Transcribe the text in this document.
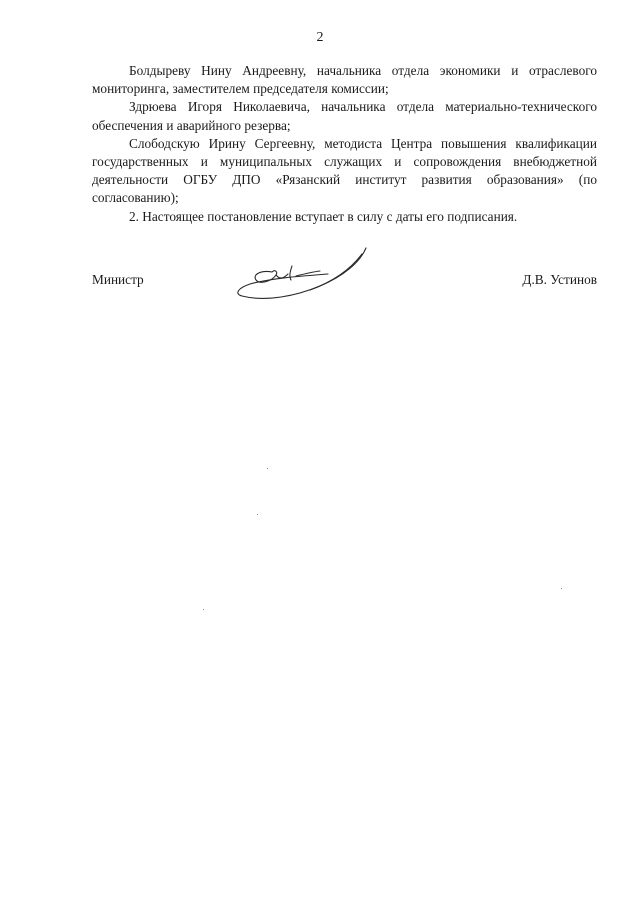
2

Болдыреву Нину Андреевну, начальника отдела экономики и отраслевого мониторинга, заместителем председателя комиссии;

Здрюева Игоря Николаевича, начальника отдела материально-технического обеспечения и аварийного резерва;

Слободскую Ирину Сергеевну, методиста Центра повышения квалификации государственных и муниципальных служащих и сопровождения внебюджетной деятельности ОГБУ ДПО «Рязанский институт развития образования» (по согласованию);

2. Настоящее постановление вступает в силу с даты его подписания.

Министр	Д.В. Устинов
